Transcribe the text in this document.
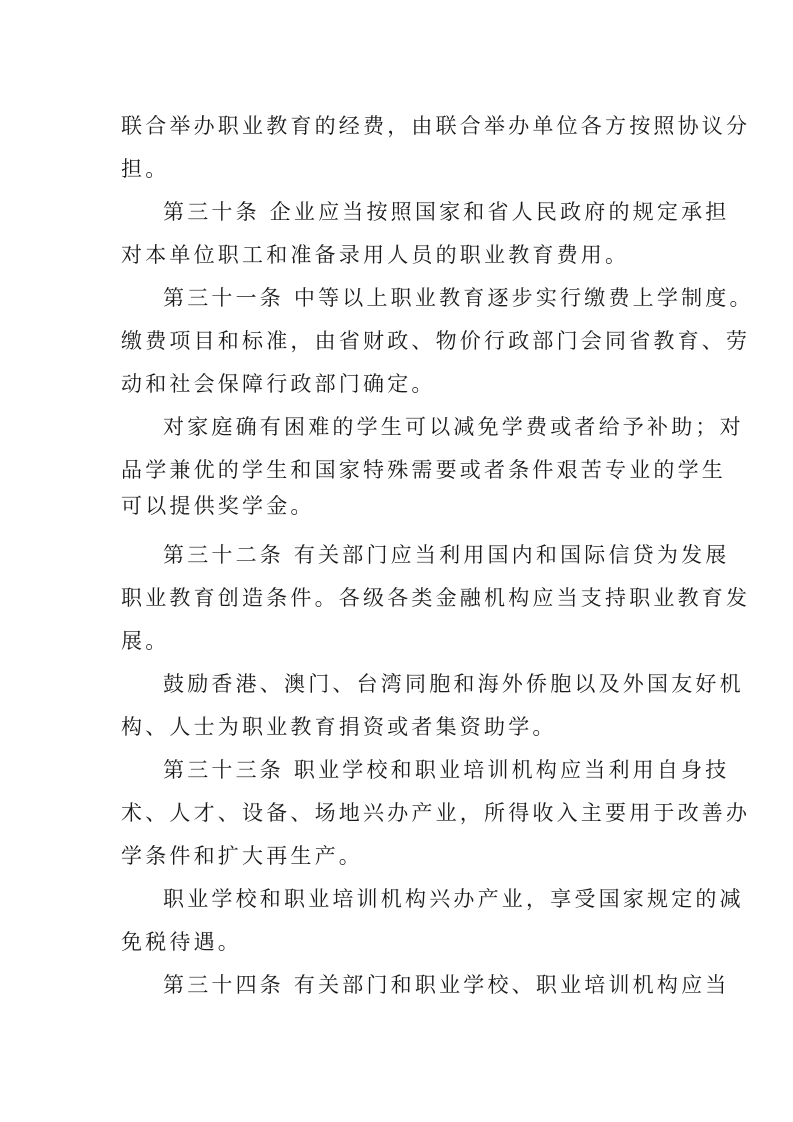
联合举办职业教育的经费，由联合举办单位各方按照协议分
担。
第三十条 企业应当按照国家和省人民政府的规定承担
对本单位职工和准备录用人员的职业教育费用。
第三十一条 中等以上职业教育逐步实行缴费上学制度。
缴费项目和标准，由省财政、物价行政部门会同省教育、劳
动和社会保障行政部门确定。
对家庭确有困难的学生可以减免学费或者给予补助；对
品学兼优的学生和国家特殊需要或者条件艰苦专业的学生
可以提供奖学金。
第三十二条 有关部门应当利用国内和国际信贷为发展
职业教育创造条件。各级各类金融机构应当支持职业教育发
展。
鼓励香港、澳门、台湾同胞和海外侨胞以及外国友好机
构、人士为职业教育捐资或者集资助学。
第三十三条 职业学校和职业培训机构应当利用自身技
术、人才、设备、场地兴办产业，所得收入主要用于改善办
学条件和扩大再生产。
职业学校和职业培训机构兴办产业，享受国家规定的减
免税待遇。
第三十四条 有关部门和职业学校、职业培训机构应当
